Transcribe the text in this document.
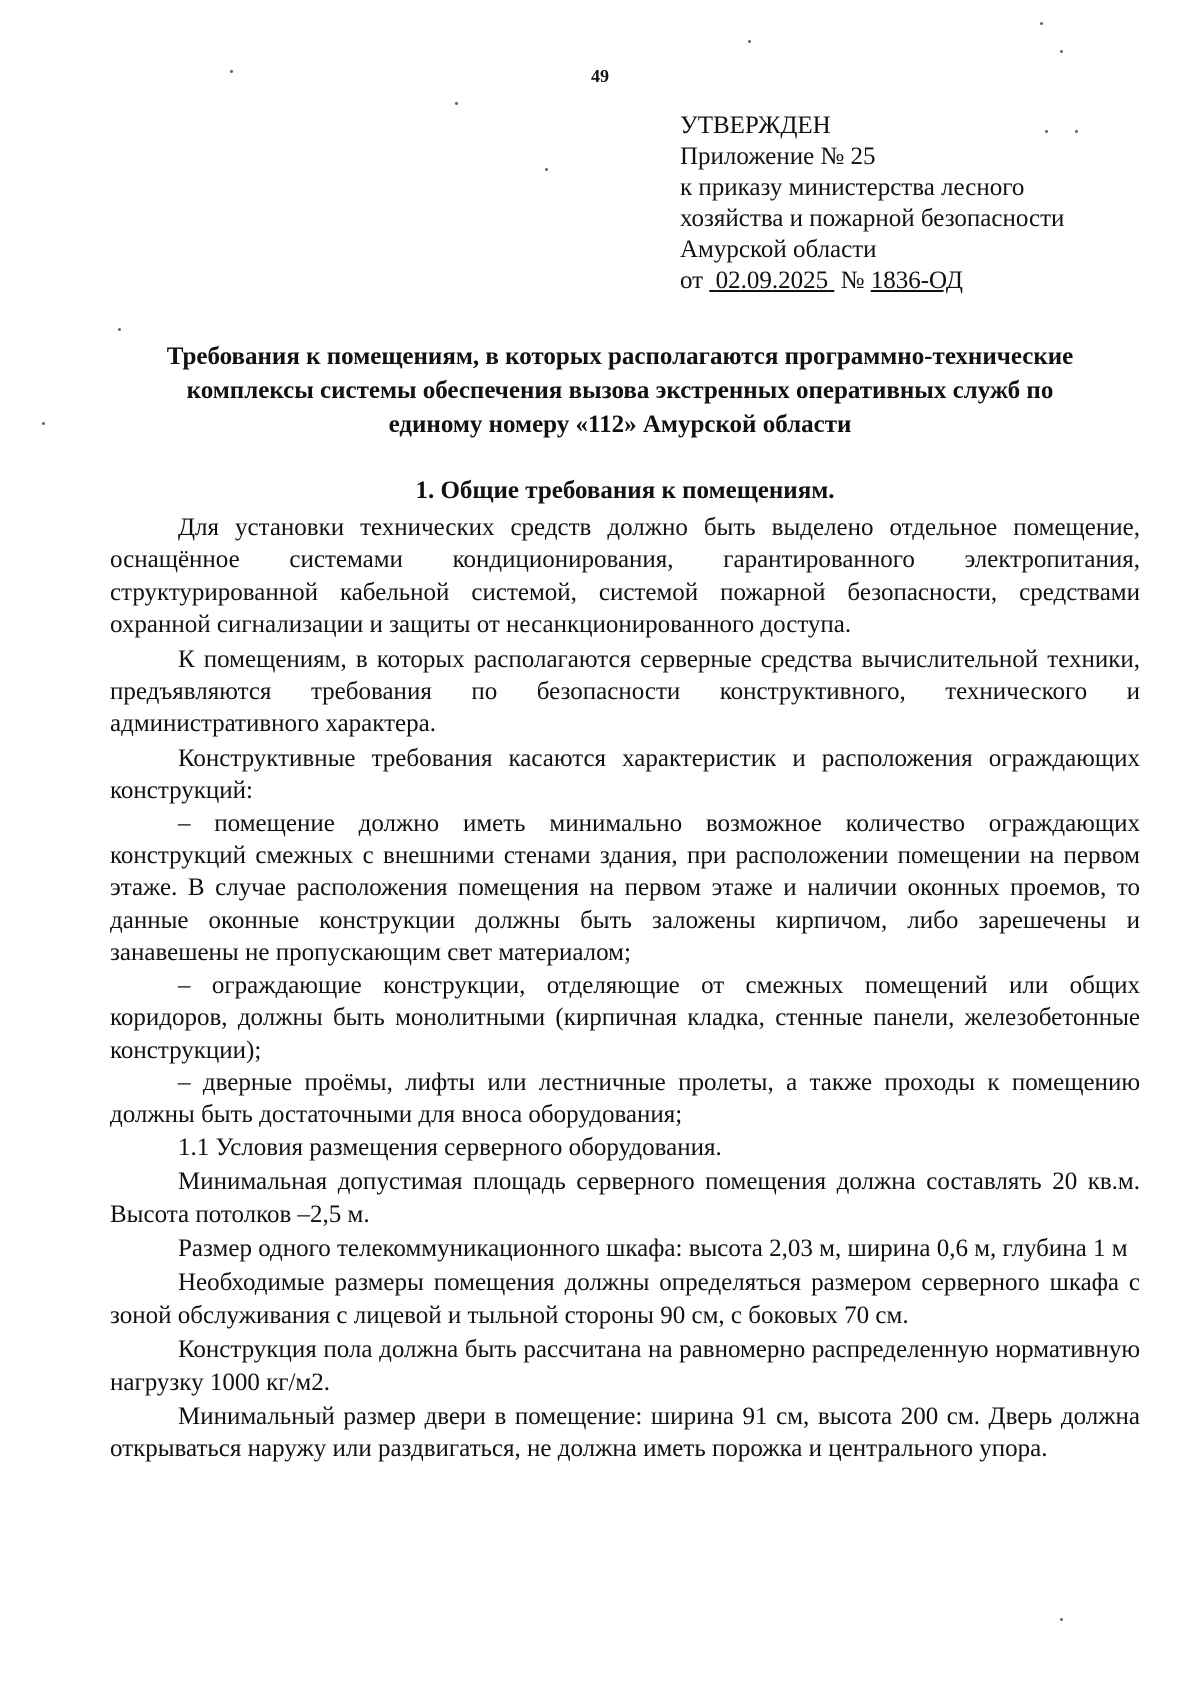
49
УТВЕРЖДЕН
Приложение № 25
к приказу министерства лесного
хозяйства и пожарной безопасности
Амурской области
от  02.09.2025  № 1836-ОД
Требования к помещениям, в которых располагаются программно-технические
комплексы системы обеспечения вызова экстренных оперативных служб по
единому номеру «112» Амурской области
1. Общие требования к помещениям.

Для установки технических средств должно быть выделено отдельное помещение, оснащённое системами кондиционирования, гарантированного электропитания, структурированной кабельной системой, системой пожарной безопасности, средствами охранной сигнализации и защиты от несанкционированного доступа.

К помещениям, в которых располагаются серверные средства вычислительной техники, предъявляются требования по безопасности конструктивного, технического и административного характера.

Конструктивные требования касаются характеристик и расположения ограждающих конструкций:

– помещение должно иметь минимально возможное количество ограждающих конструкций смежных с внешними стенами здания, при расположении помещении на первом этаже. В случае расположения помещения на первом этаже и наличии оконных проемов, то данные оконные конструкции должны быть заложены кирпичом, либо зарешечены и занавешены не пропускающим свет материалом;

– ограждающие конструкции, отделяющие от смежных помещений или общих коридоров, должны быть монолитными (кирпичная кладка, стенные панели, железобетонные конструкции);

– дверные проёмы, лифты или лестничные пролеты, а также проходы к помещению должны быть достаточными для вноса оборудования;

1.1 Условия размещения серверного оборудования.

Минимальная допустимая площадь серверного помещения должна составлять 20 кв.м. Высота потолков –2,5 м.

Размер одного телекоммуникационного шкафа: высота 2,03 м, ширина 0,6 м, глубина 1 м

Необходимые размеры помещения должны определяться размером серверного шкафа с зоной обслуживания с лицевой и тыльной стороны 90 см, с боковых 70 см.

Конструкция пола должна быть рассчитана на равномерно распределенную нормативную нагрузку 1000 кг/м2.

Минимальный размер двери в помещение: ширина 91 см, высота 200 см. Дверь должна открываться наружу или раздвигаться, не должна иметь порожка и центрального упора.
